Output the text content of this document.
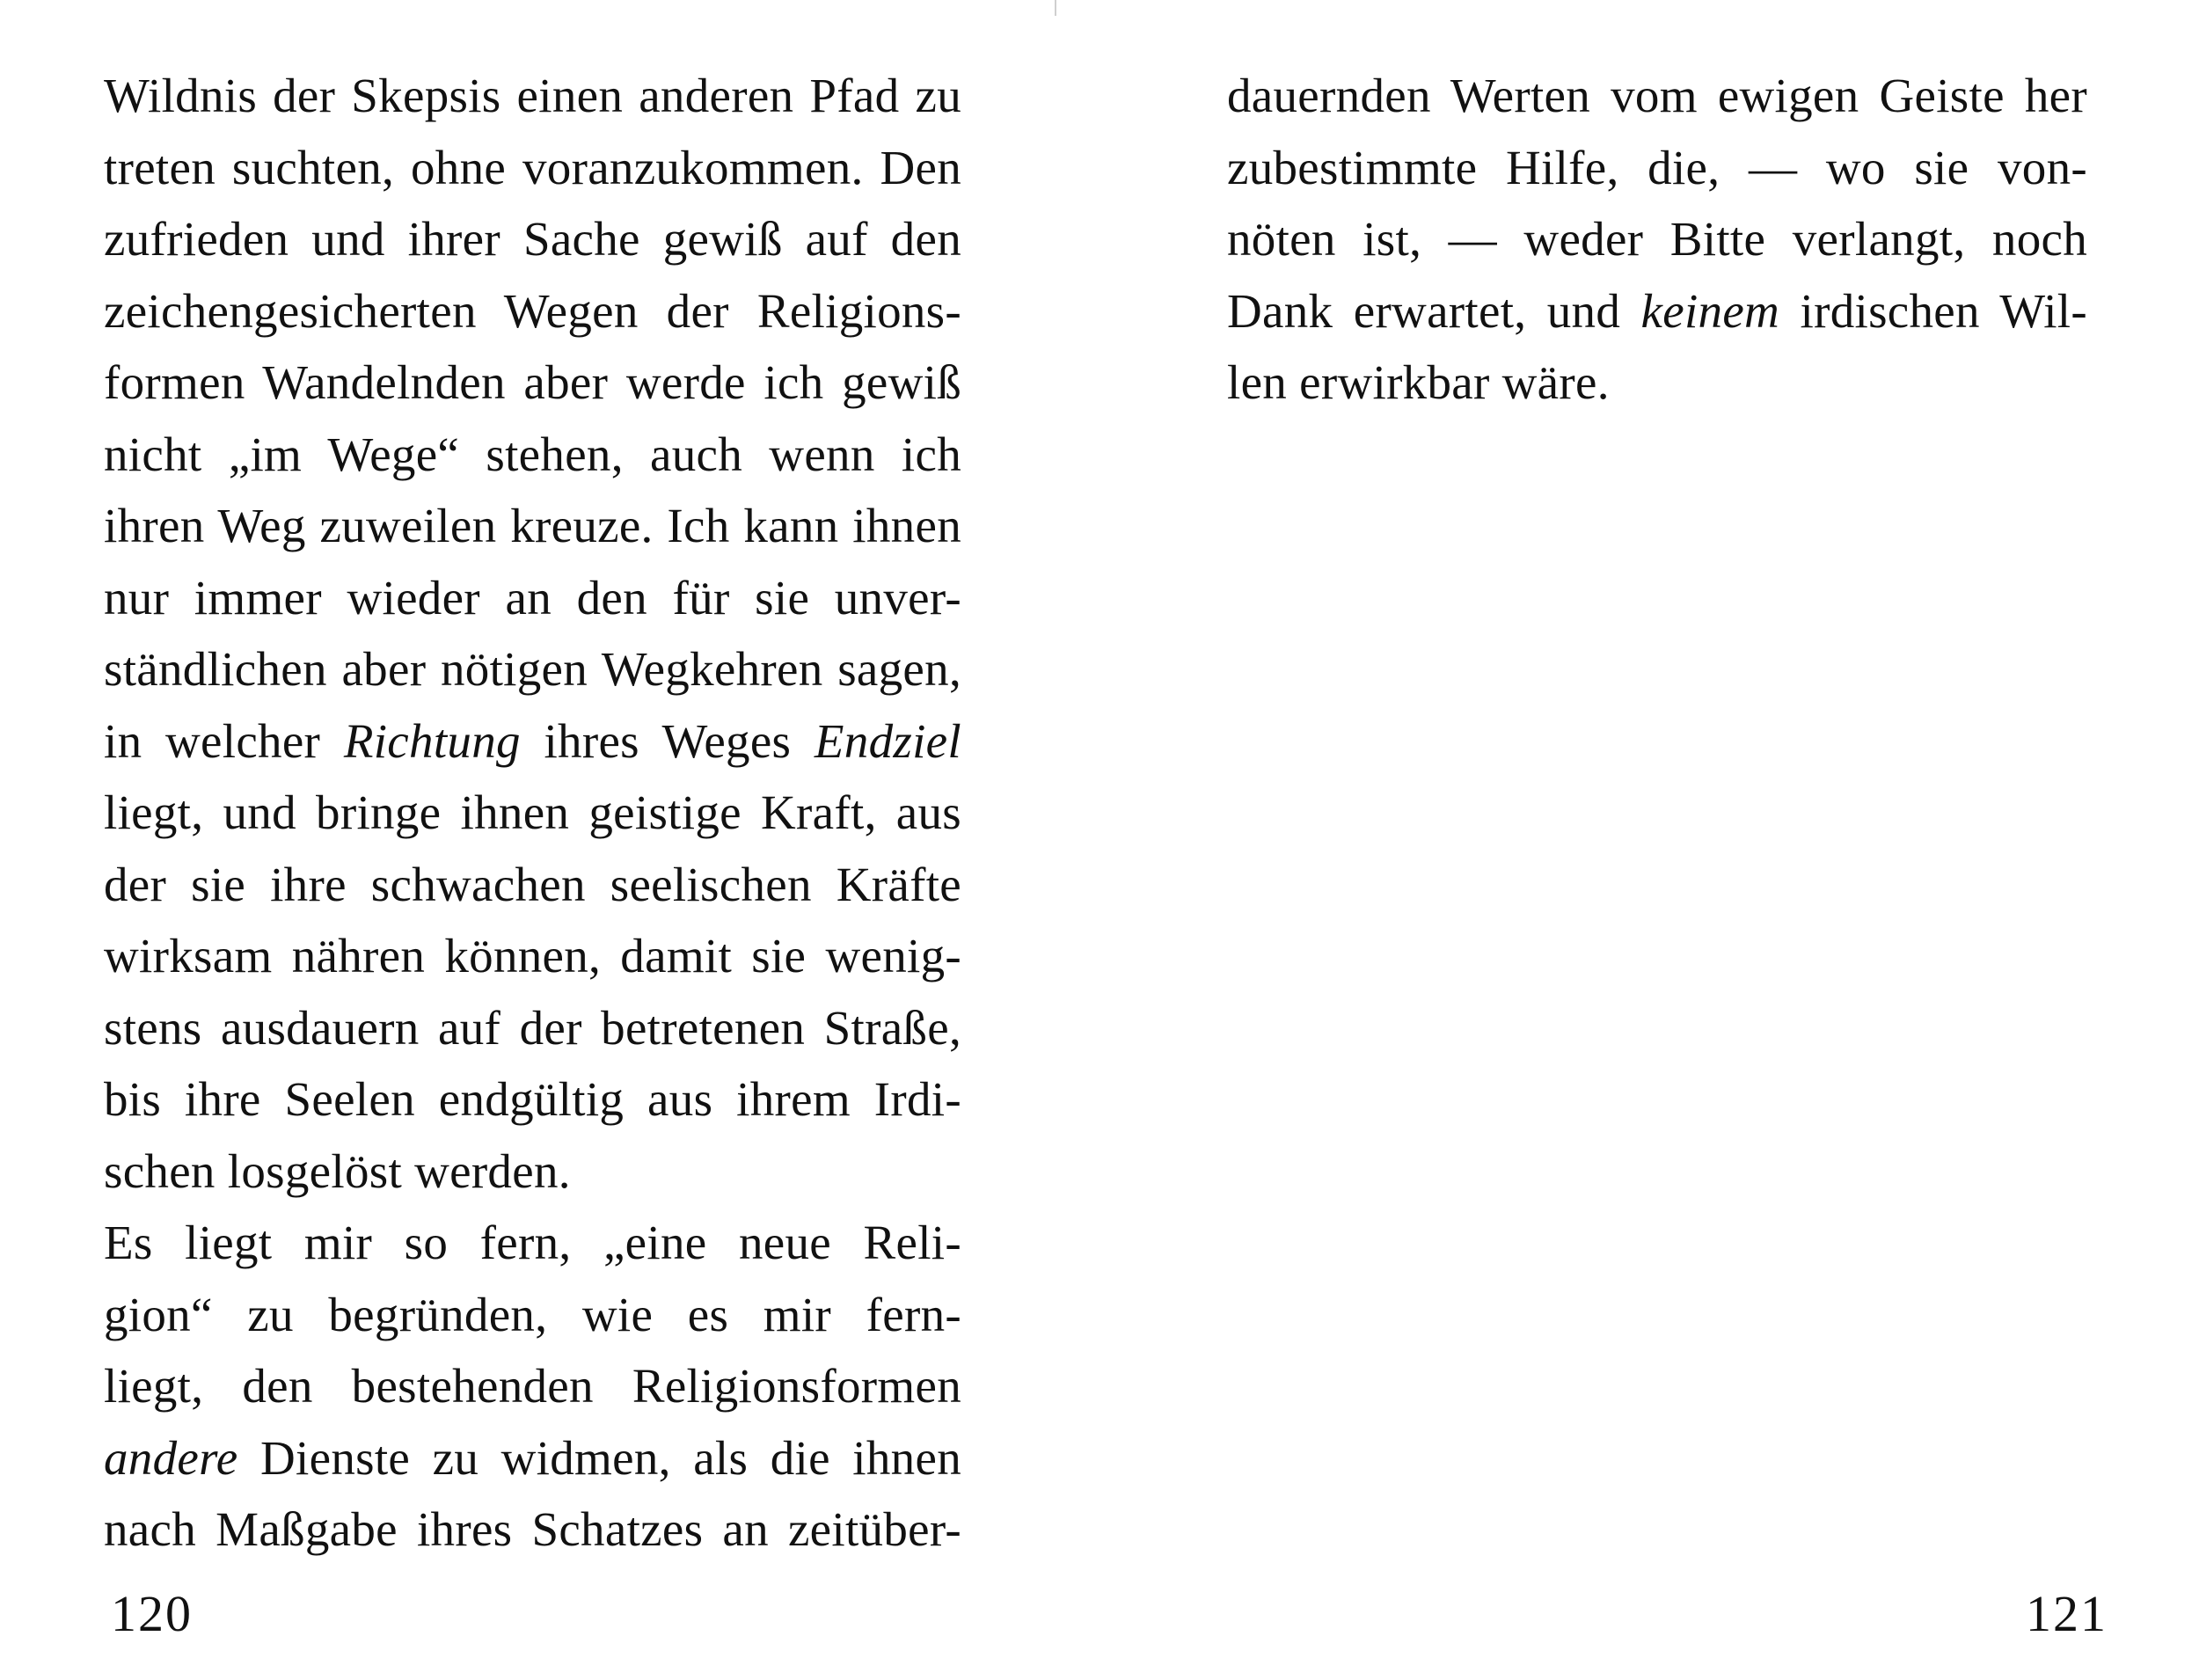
Wildnis der Skepsis einen anderen Pfad zu
treten suchten, ohne voranzukommen. Den
zufrieden und ihrer Sache gewiß auf den
zeichengesicherten Wegen der Religions-
formen Wandelnden aber werde ich gewiß
nicht „im Wege“ stehen, auch wenn ich
ihren Weg zuweilen kreuze. Ich kann ihnen
nur immer wieder an den für sie unver-
ständlichen aber nötigen Wegkehren sagen,
in welcher Richtung ihres Weges Endziel
liegt, und bringe ihnen geistige Kraft, aus
der sie ihre schwachen seelischen Kräfte
wirksam nähren können, damit sie wenig-
stens ausdauern auf der betretenen Straße,
bis ihre Seelen endgültig aus ihrem Irdi-
schen losgelöst werden.
Es liegt mir so fern, „eine neue Reli-
gion“ zu begründen, wie es mir fern-
liegt, den bestehenden Religionsformen
andere Dienste zu widmen, als die ihnen
nach Maßgabe ihres Schatzes an zeitüber-
120
dauernden Werten vom ewigen Geiste her
zubestimmte Hilfe, die, — wo sie von-
nöten ist, — weder Bitte verlangt, noch
Dank erwartet, und keinem irdischen Wil-
len erwirkbar wäre.
121
